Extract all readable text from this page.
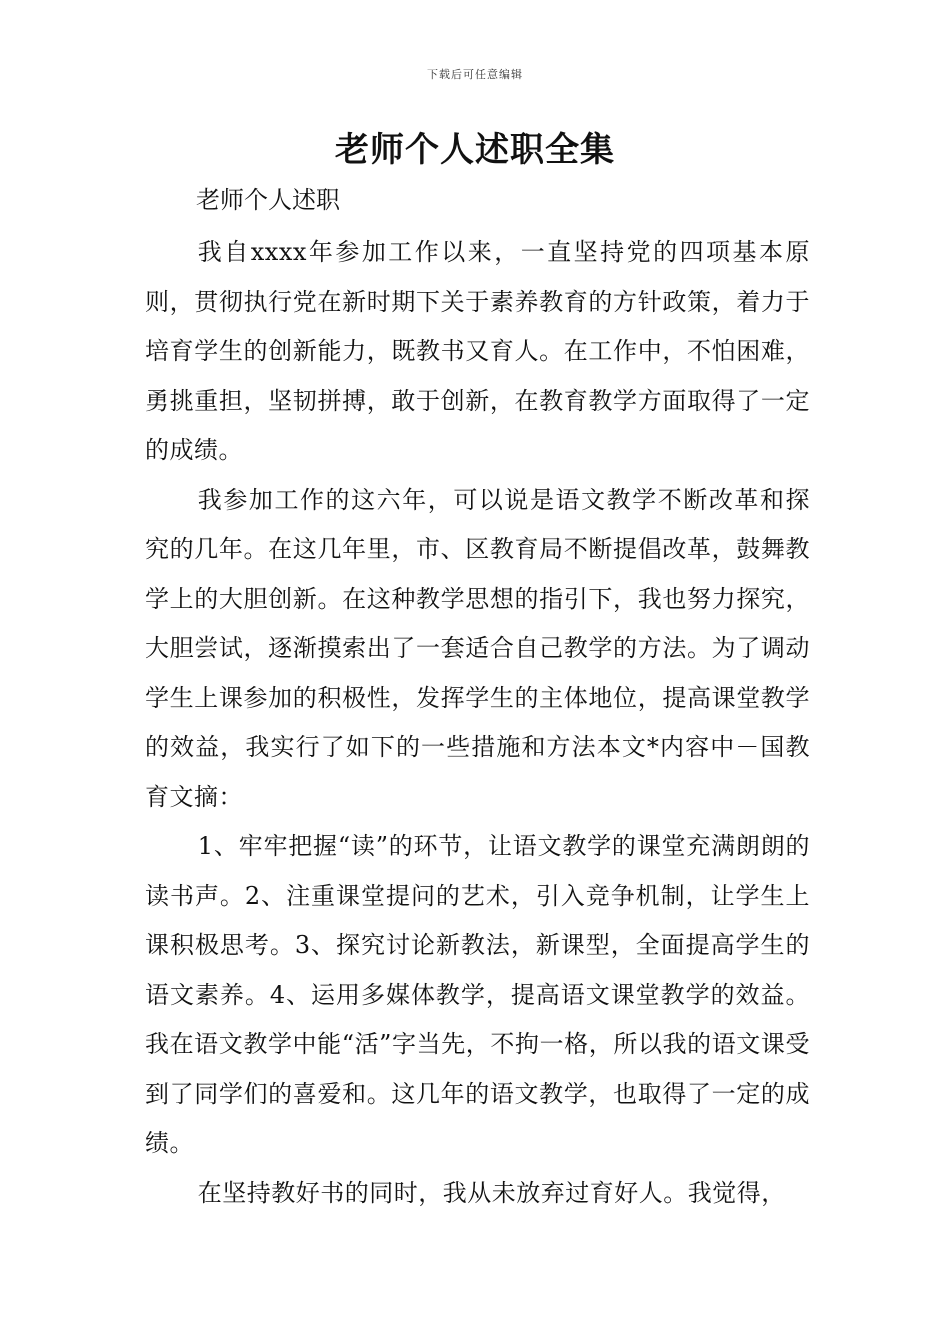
下载后可任意编辑
老师个人述职全集
老师个人述职

我自xxxx年参加工作以来，一直坚持党的四项基本原则，贯彻执行党在新时期下关于素养教育的方针政策，着力于培育学生的创新能力，既教书又育人。在工作中，不怕困难，勇挑重担，坚韧拼搏，敢于创新，在教育教学方面取得了一定的成绩。

我参加工作的这六年，可以说是语文教学不断改革和探究的几年。在这几年里，市、区教育局不断提倡改革，鼓舞教学上的大胆创新。在这种教学思想的指引下，我也努力探究，大胆尝试，逐渐摸索出了一套适合自己教学的方法。为了调动学生上课参加的积极性，发挥学生的主体地位，提高课堂教学的效益，我实行了如下的一些措施和方法本文*内容中－国教育文摘：

1、牢牢把握“读”的环节，让语文教学的课堂充满朗朗的读书声。2、注重课堂提问的艺术，引入竞争机制，让学生上课积极思考。3、探究讨论新教法，新课型，全面提高学生的语文素养。4、运用多媒体教学，提高语文课堂教学的效益。我在语文教学中能“活”字当先，不拘一格，所以我的语文课受到了同学们的喜爱和。这几年的语文教学，也取得了一定的成绩。

在坚持教好书的同时，我从未放弃过育好人。我觉得，
